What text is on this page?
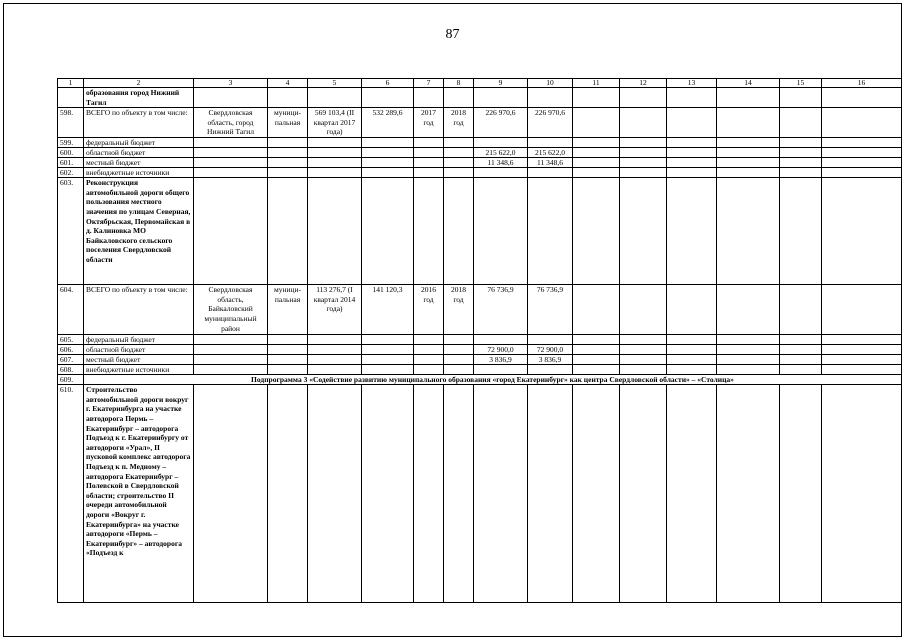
87
1	2	3	4	5	6	7	8	9	10	11	12	13	14	15	16
	образования город Нижний Тагил														
598.	ВСЕГО по объекту в том числе:	Свердловская область, город Нижний Тагил	муници-пальная	569 103,4 (II квартал 2017 года)	532 289,6	2017 год	2018 год	226 970,6	226 970,6						
599.	федеральный бюджет														
600.	областной бюджет							215 622,0	215 622,0						
601.	местный бюджет							11 348,6	11 348,6						
602.	внебюджетные источники														
603.	Реконструкция автомобильной дороги общего пользования местного значения по улицам Северная, Октябрьская, Первомайская в д. Калиновка МО Байкаловского сельского поселения Свердловской области														
604.	ВСЕГО по объекту в том числе:	Свердловская область, Байкаловский муниципальный район	муници-пальная	113 276,7 (I квартал 2014 года)	141 120,3	2016 год	2018 год	76 736,9	76 736,9						
605.	федеральный бюджет														
606.	областной бюджет							72 900,0	72 900,0						
607.	местный бюджет							3 836,9	3 836,9						
608.	внебюджетные источники														
609.	Подпрограмма 3 «Содействие развитию муниципального образования «город Екатеринбург» как центра Свердловской области» – «Столица»														
610.	Строительство автомобильной дороги вокруг г. Екатеринбурга на участке автодорога Пермь – Екатеринбург – автодорога Подъезд к г. Екатеринбургу от автодороги «Урал», II пусковой комплекс автодорога Подъезд к п. Медному – автодорога Екатеринбург – Полевской в Свердловской области; строительство II очереди автомобильной дороги «Вокруг г. Екатеринбурга» на участке автодороги «Пермь – Екатеринбург» – автодорога «Подъезд к														
